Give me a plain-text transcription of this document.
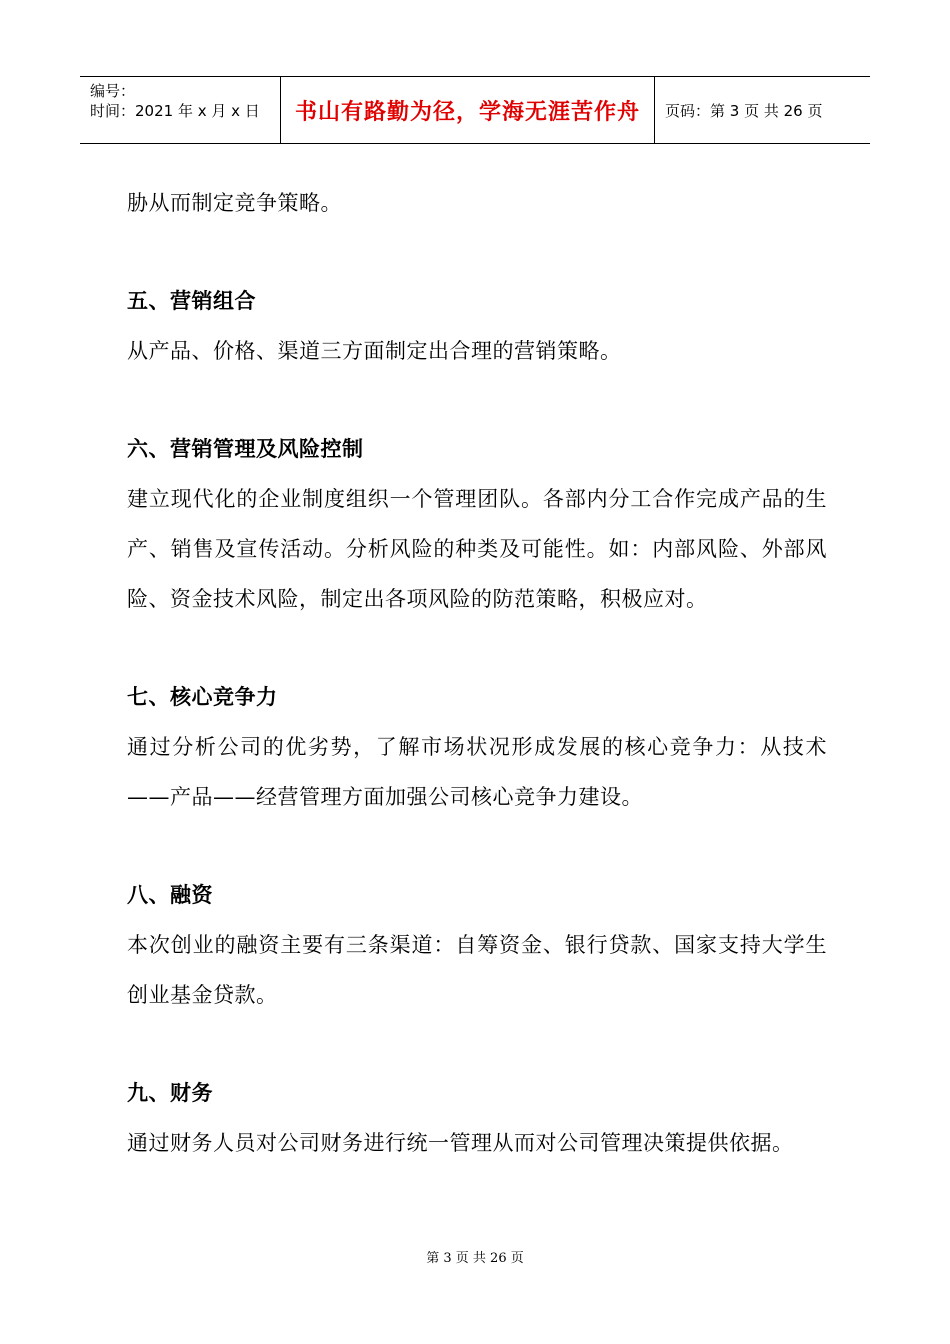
编号：
时间：2021 年 x 月 x 日	书山有路勤为径，学海无涯苦作舟	页码：第 3 页 共 26 页

胁从而制定竞争策略。

五、营销组合

从产品、价格、渠道三方面制定出合理的营销策略。

六、营销管理及风险控制

建立现代化的企业制度组织一个管理团队。各部内分工合作完成产品的生产、销售及宣传活动。分析风险的种类及可能性。如：内部风险、外部风险、资金技术风险，制定出各项风险的防范策略，积极应对。

七、核心竞争力

通过分析公司的优劣势，了解市场状况形成发展的核心竞争力：从技术——产品——经营管理方面加强公司核心竞争力建设。

八、融资

本次创业的融资主要有三条渠道：自筹资金、银行贷款、国家支持大学生创业基金贷款。

九、财务

通过财务人员对公司财务进行统一管理从而对公司管理决策提供依据。

第 3 页 共 26 页
